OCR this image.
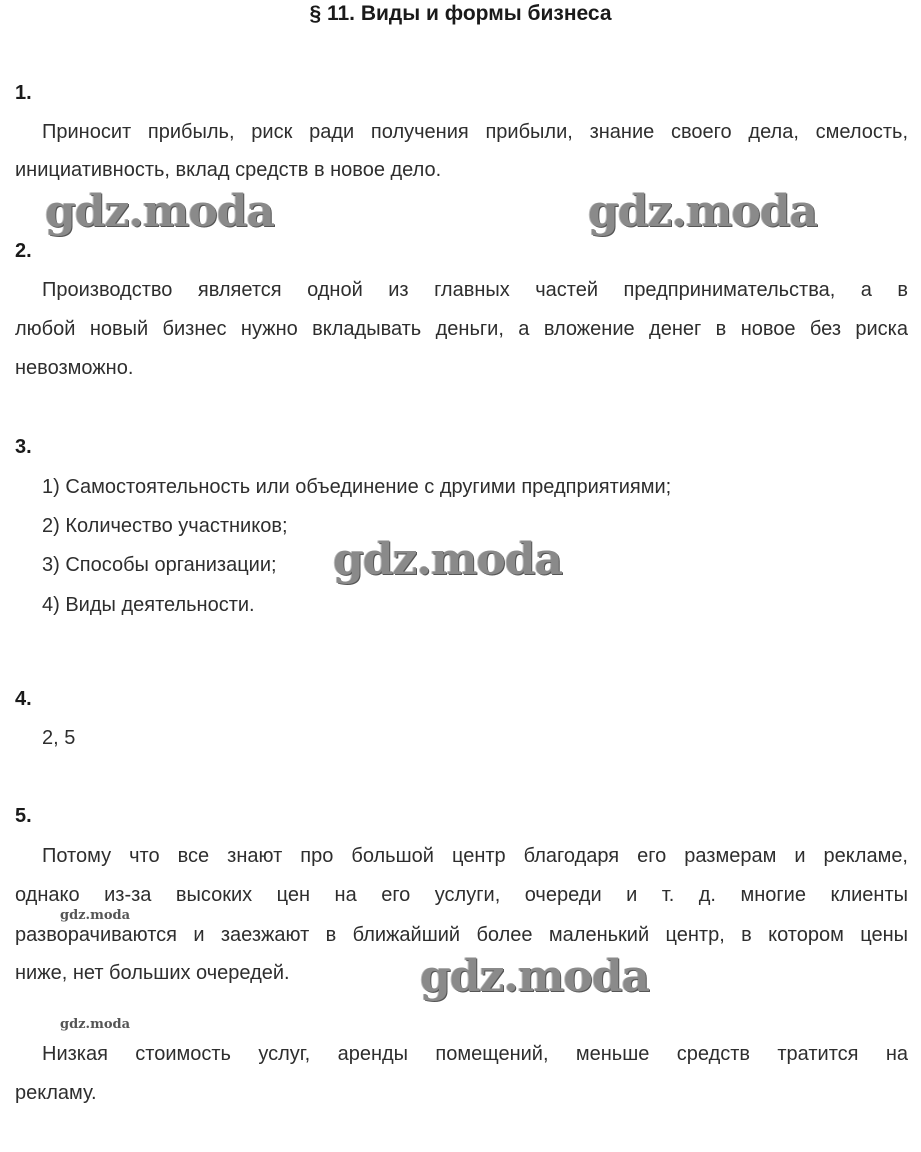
§ 11. Виды и формы бизнеса
1.
Приносит прибыль, риск ради получения прибыли, знание своего дела, смелость,
инициативность, вклад средств в новое дело.
gdz.moda	gdz.moda
2.
Производство является одной из главных частей предпринимательства, а в
любой новый бизнес нужно вкладывать деньги, а вложение денег в новое без риска
невозможно.
3.
1) Самостоятельность или объединение с другими предприятиями;
2) Количество участников;
3) Способы организации;
4) Виды деятельности.
gdz.moda
4.
2, 5
5.
Потому что все знают про большой центр благодаря его размерам и рекламе,
однако из-за высоких цен на его услуги, очереди и т. д. многие клиенты
gdz.moda
разворачиваются и заезжают в ближайший более маленький центр, в котором цены
ниже, нет больших очередей.	gdz.moda
gdz.moda
Низкая стоимость услуг, аренды помещений, меньше средств тратится на
рекламу.
